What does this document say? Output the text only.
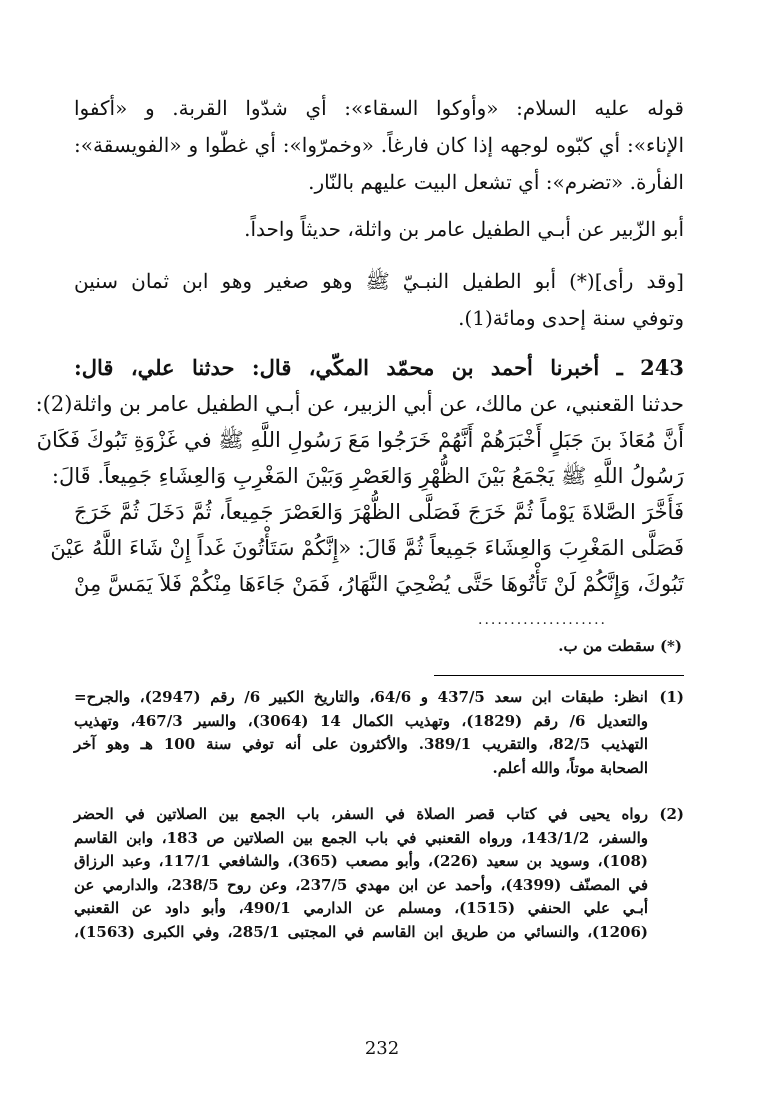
قوله عليه السلام: «وأوكوا السقاء»: أي شدّوا القربة. و «أكفوا
الإناء»: أي كبّوه لوجهه إذا كان فارغاً. «وخمرّوا»: أي غطّوا و «الفويسقة»:
الفأرة. «تضرم»: أي تشعل البيت عليهم بالنّار.
أبو الزّبير عن أبـي الطفيل عامر بن واثلة، حديثاً واحداً.
[وقد رأى](*) أبو الطفيل النبـيّ ﷺ وهو صغير وهو ابن ثمان سنين
وتوفي سنة إحدى ومائة(1).
243 ـ أخبرنا أحمد بن محمّد المكّي، قال: حدثنا علي، قال:
حدثنا القعنبي، عن مالك، عن أبي الزبير، عن أبـي الطفيل عامر بن واثلة(2):
أَنَّ مُعَاذَ بنَ جَبَلٍ أَخْبَرَهُمْ أَنَّهُمْ خَرَجُوا مَعَ رَسُولِ اللَّهِ ﷺ في غَزْوَةِ تَبُوكَ فَكَانَ
رَسُولُ اللَّهِ ﷺ يَجْمَعُ بَيْنَ الظُّهْرِ وَالعَصْرِ وَبَيْنَ المَغْرِبِ وَالعِشَاءِ جَمِيعاً. قَالَ:
فَأَخَّرَ الصَّلاةَ يَوْماً ثُمَّ خَرَجَ فَصَلَّى الظُّهْرَ وَالعَصْرَ جَمِيعاً، ثُمَّ دَخَلَ ثُمَّ خَرَجَ
فَصَلَّى المَغْرِبَ وَالعِشَاءَ جَمِيعاً ثُمَّ قَالَ: «إِنَّكُمْ سَتَأْتُونَ غَداً إِنْ شَاءَ اللَّهُ عَيْنَ
تَبُوكَ، وَإِنَّكُمْ لَنْ تَأْتُوهَا حَتَّى يُضْحِيَ النَّهَارُ، فَمَنْ جَاءَهَا مِنْكُمْ فَلاَ يَمَسَّ مِنْ
....................
(*) سقطت من ب.
(1)
انظر: طبقات ابن سعد 437/5 و 64/6، والتاريخ الكبير 6/ رقم (2947)، والجرح=
والتعديل 6/ رقم (1829)، وتهذيب الكمال 14 (3064)، والسير 467/3، وتهذيب
التهذيب 82/5، والتقريب 389/1. والأكثرون على أنه توفي سنة 100 هـ وهو آخر
الصحابة موتاً، والله أعلم.
(2)
رواه يحيى في كتاب قصر الصلاة في السفر، باب الجمع بين الصلاتين في الحضر
والسفر، 143/1/2، ورواه القعنبي في باب الجمع بين الصلاتين ص 183، وابن القاسم
(108)، وسويد بن سعيد (226)، وأبو مصعب (365)، والشافعي 117/1، وعبد الرزاق
في المصنّف (4399)، وأحمد عن ابن مهدي 237/5، وعن روح 238/5، والدارمي عن
أبـي علي الحنفي (1515)، ومسلم عن الدارمي 490/1، وأبو داود عن القعنبي
(1206)، والنسائي من طريق ابن القاسم في المجتبى 285/1، وفي الكبرى (1563)،
232
